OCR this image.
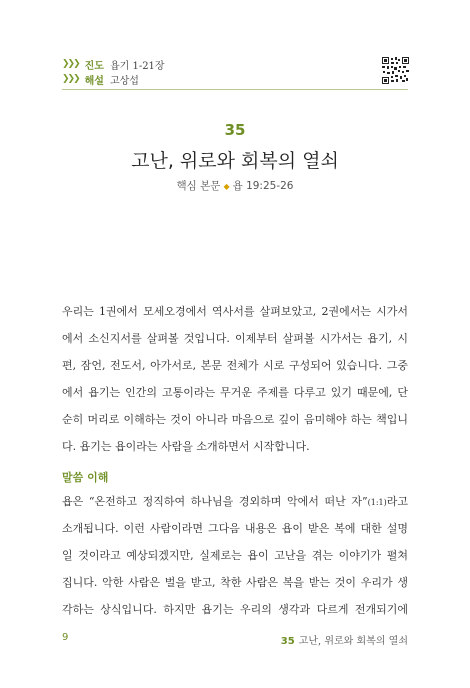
❯❯❯ 진도 욥기 1-21장
❯❯❯ 해설 고상섭
35
고난, 위로와 회복의 열쇠
핵심 본문 ◆ 욥 19:25-26
우리는 1권에서 모세오경에서 역사서를 살펴보았고, 2권에서는 시가서
에서 소신지서를 살펴볼 것입니다. 이제부터 살펴볼 시가서는 욥기, 시
편, 잠언, 전도서, 아가서로, 본문 전체가 시로 구성되어 있습니다. 그중
에서 욥기는 인간의 고통이라는 무거운 주제를 다루고 있기 때문에, 단
순히 머리로 이해하는 것이 아니라 마음으로 깊이 음미해야 하는 책입니
다. 욥기는 욥이라는 사람을 소개하면서 시작합니다.
말씀 이해
욥은 “온전하고 정직하여 하나님을 경외하며 악에서 떠난 자”(1:1)라고
소개됩니다. 이런 사람이라면 그다음 내용은 욥이 받은 복에 대한 설명
일 것이라고 예상되겠지만, 실제로는 욥이 고난을 겪는 이야기가 펼쳐
집니다. 악한 사람은 벌을 받고, 착한 사람은 복을 받는 것이 우리가 생
각하는 상식입니다. 하지만 욥기는 우리의 생각과 다르게 전개되기에
9	35 고난, 위로와 회복의 열쇠
